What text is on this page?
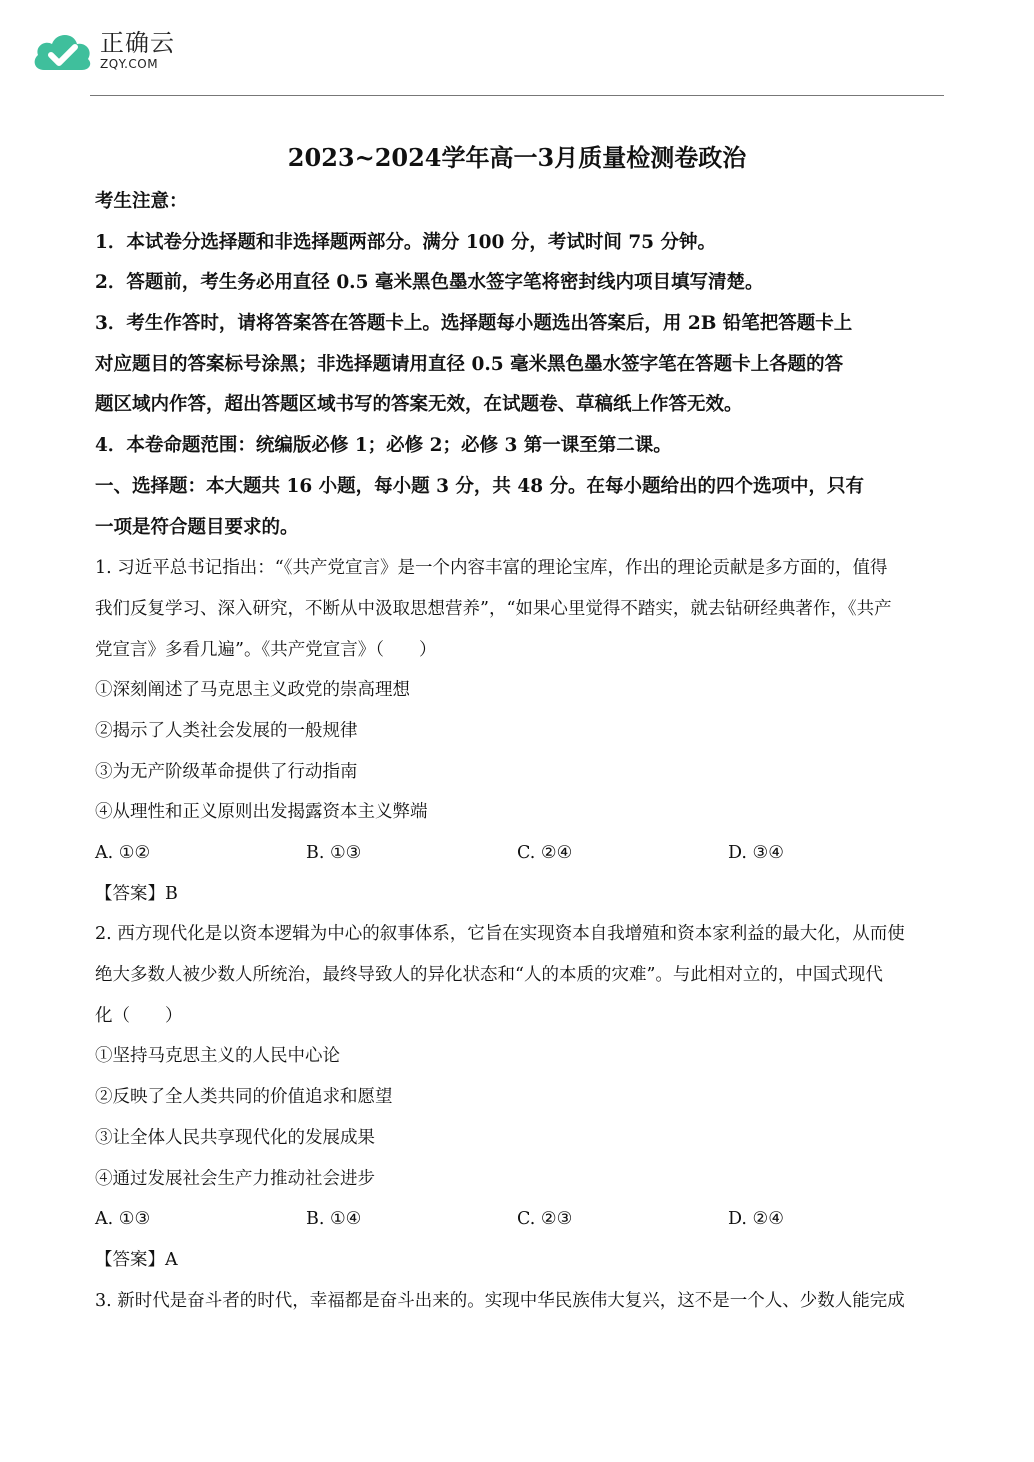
正确云
ZQY.COM
2023~2024学年高一3月质量检测卷政治
考生注意：
1．本试卷分选择题和非选择题两部分。满分 100 分，考试时间 75 分钟。
2．答题前，考生务必用直径 0.5 毫米黑色墨水签字笔将密封线内项目填写清楚。
3．考生作答时，请将答案答在答题卡上。选择题每小题选出答案后，用 2B 铅笔把答题卡上
对应题目的答案标号涂黑；非选择题请用直径 0.5 毫米黑色墨水签字笔在答题卡上各题的答
题区域内作答，超出答题区域书写的答案无效，在试题卷、草稿纸上作答无效。
4．本卷命题范围：统编版必修 1；必修 2；必修 3 第一课至第二课。
一、选择题：本大题共 16 小题，每小题 3 分，共 48 分。在每小题给出的四个选项中，只有
一项是符合题目要求的。
1. 习近平总书记指出：“《共产党宣言》是一个内容丰富的理论宝库，作出的理论贡献是多方面的，值得
我们反复学习、深入研究，不断从中汲取思想营养”，“如果心里觉得不踏实，就去钻研经典著作，《共产
党宣言》多看几遍”。《共产党宣言》（　　）
①深刻阐述了马克思主义政党的崇高理想
②揭示了人类社会发展的一般规律
③为无产阶级革命提供了行动指南
④从理性和正义原则出发揭露资本主义弊端
A. ①②	B. ①③	C. ②④	D. ③④
【答案】B
2. 西方现代化是以资本逻辑为中心的叙事体系，它旨在实现资本自我增殖和资本家利益的最大化，从而使
绝大多数人被少数人所统治，最终导致人的异化状态和“人的本质的灾难”。与此相对立的，中国式现代
化（　　）
①坚持马克思主义的人民中心论
②反映了全人类共同的价值追求和愿望
③让全体人民共享现代化的发展成果
④通过发展社会生产力推动社会进步
A. ①③	B. ①④	C. ②③	D. ②④
【答案】A
3. 新时代是奋斗者的时代，幸福都是奋斗出来的。实现中华民族伟大复兴，这不是一个人、少数人能完成
